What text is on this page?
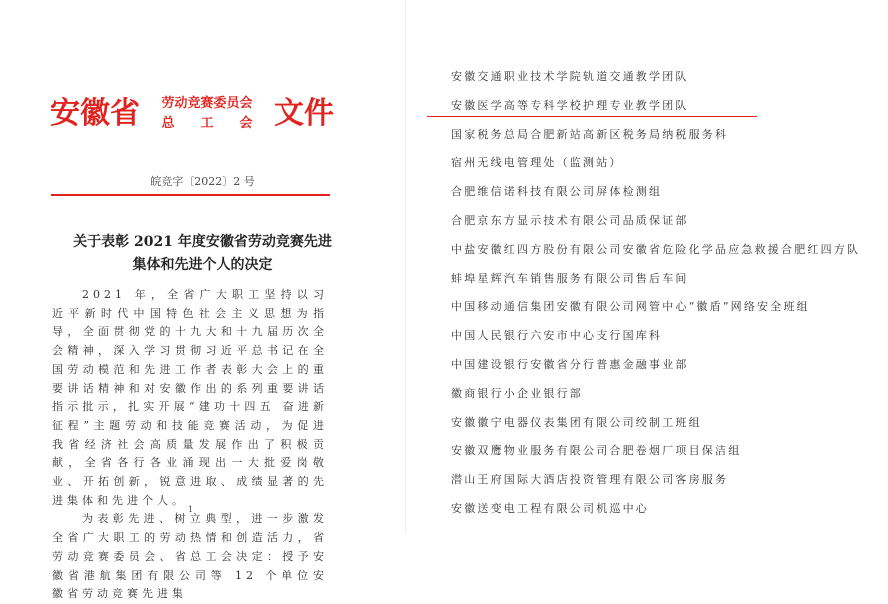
安徽省 劳动竞赛委员会
总 工 会 文件
皖竞字〔2022〕2 号
关于表彰 2021 年度安徽省劳动竞赛先进
集体和先进个人的决定

2021 年，全省广大职工坚持以习近平新时代中国特色社会主义思想为指导，全面贯彻党的十九大和十九届历次全会精神，深入学习贯彻习近平总书记在全国劳动模范和先进工作者表彰大会上的重要讲话精神和对安徽作出的系列重要讲话指示批示，扎实开展“建功十四五 奋进新征程”主题劳动和技能竞赛活动，为促进我省经济社会高质量发展作出了积极贡献，全省各行各业涌现出一大批爱岗敬业、开拓创新，锐意进取、成绩显著的先进集体和先进个人。

为表彰先进、树立典型，进一步激发全省广大职工的劳动热情和创造活力，省劳动竞赛委员会、省总工会决定：授予安徽省港航集团有限公司等 12 个单位安徽省劳动竞赛先进集

1
安徽交通职业技术学院轨道交通教学团队
安徽医学高等专科学校护理专业教学团队
国家税务总局合肥新站高新区税务局纳税服务科
宿州无线电管理处（监测站）
合肥维信诺科技有限公司屏体检测组
合肥京东方显示技术有限公司品质保证部
中盐安徽红四方股份有限公司安徽省危险化学品应急救援合肥红四方队
蚌埠星辉汽车销售服务有限公司售后车间
中国移动通信集团安徽有限公司网管中心“徽盾”网络安全班组
中国人民银行六安市中心支行国库科
中国建设银行安徽省分行普惠金融事业部
徽商银行小企业银行部
安徽徽宁电器仪表集团有限公司绞制工班组
安徽双鹰物业服务有限公司合肥卷烟厂项目保洁组
潜山王府国际大酒店投资管理有限公司客房服务
安徽送变电工程有限公司机巡中心
